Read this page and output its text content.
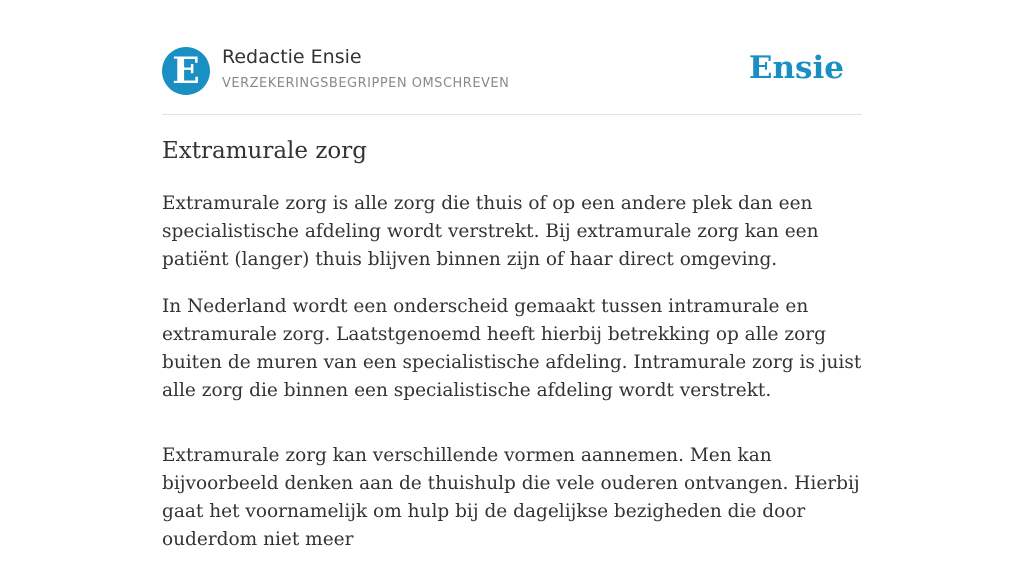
E	Redactie Ensie
VERZEKERINGSBEGRIPPEN OMSCHREVEN	Ensie
Extramurale zorg

Extramurale zorg is alle zorg die thuis of op een andere plek dan een specialistische afdeling wordt verstrekt. Bij extramurale zorg kan een patiënt (langer) thuis blijven binnen zijn of haar direct omgeving.

In Nederland wordt een onderscheid gemaakt tussen intramurale en extramurale zorg. Laatstgenoemd heeft hierbij betrekking op alle zorg buiten de muren van een specialistische afdeling. Intramurale zorg is juist alle zorg die binnen een specialistische afdeling wordt verstrekt.

Extramurale zorg kan verschillende vormen aannemen. Men kan bijvoorbeeld denken aan de thuishulp die vele ouderen ontvangen. Hierbij gaat het voornamelijk om hulp bij de dagelijkse bezigheden die door ouderdom niet meer
